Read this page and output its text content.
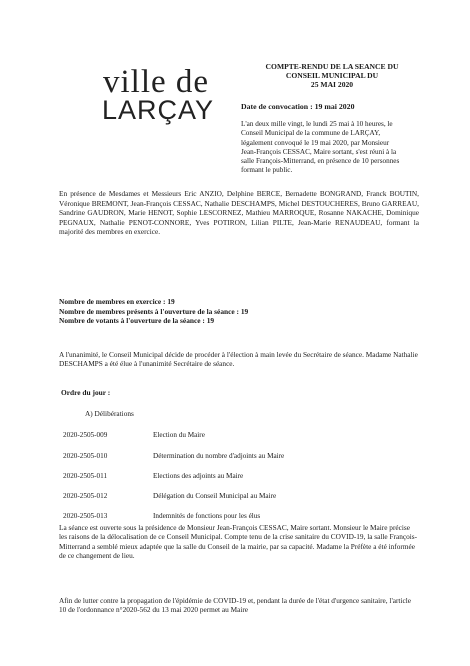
ville de
LARÇAY
COMPTE-RENDU DE LA SEANCE DU
CONSEIL MUNICIPAL DU
25 MAI 2020
Date de convocation : 19 mai 2020
L'an deux mille vingt, le lundi 25 mai à 10 heures, le Conseil Municipal de la commune de LARÇAY, légalement convoqué le 19 mai 2020, par Monsieur Jean-François CESSAC, Maire sortant, s'est réuni à la salle François-Mitterrand, en présence de 10 personnes formant le public.
En présence de Mesdames et Messieurs Eric ANZIO, Delphine BERCE, Bernadette BONGRAND, Franck BOUTIN, Véronique BREMONT, Jean-François CESSAC, Nathalie DESCHAMPS, Michel DESTOUCHERES, Bruno GARREAU, Sandrine GAUDRON, Marie HENOT, Sophie LESCORNEZ, Mathieu MARROQUE, Rosanne NAKACHE, Dominique PEGNAUX, Nathalie PENOT-CONNORE, Yves POTIRON, Lilian PILTE, Jean-Marie RENAUDEAU, formant la majorité des membres en exercice.
Nombre de membres en exercice : 19
Nombre de membres présents à l'ouverture de la séance : 19
Nombre de votants à l'ouverture de la séance : 19
A l'unanimité, le Conseil Municipal décide de procéder à l'élection à main levée du Secrétaire de séance. Madame Nathalie DESCHAMPS a été élue à l'unanimité Secrétaire de séance.
Ordre du jour :
A) Délibérations
2020-2505-009	Election du Maire
2020-2505-010	Détermination du nombre d'adjoints au Maire
2020-2505-011	Elections des adjoints au Maire
2020-2505-012	Délégation du Conseil Municipal au Maire
2020-2505-013	Indemnités de fonctions pour les élus
La séance est ouverte sous la présidence de Monsieur Jean-François CESSAC, Maire sortant. Monsieur le Maire précise les raisons de la délocalisation de ce Conseil Municipal. Compte tenu de la crise sanitaire du COVID-19, la salle François-Mitterrand a semblé mieux adaptée que la salle du Conseil de la mairie, par sa capacité. Madame la Préfète a été informée de ce changement de lieu.
Afin de lutter contre la propagation de l'épidémie de COVID-19 et, pendant la durée de l'état d'urgence sanitaire, l'article 10 de l'ordonnance n°2020-562 du 13 mai 2020 permet au Maire
